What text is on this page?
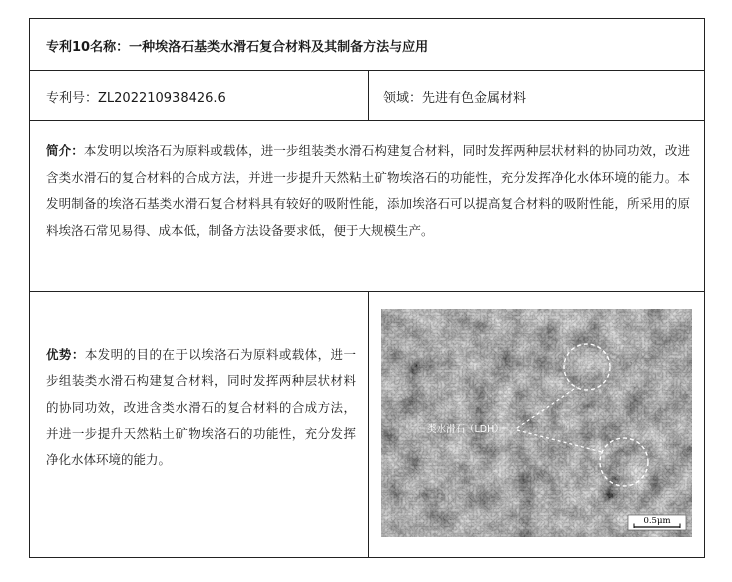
专利10名称：一种埃洛石基类水滑石复合材料及其制备方法与应用
专利号：ZL202210938426.6	领域：先进有色金属材料
简介：本发明以埃洛石为原料或载体，进一步组装类水滑石构建复合材料，同时发挥两种层状材料的协同功效，改进含类水滑石的复合材料的合成方法，并进一步提升天然粘土矿物埃洛石的功能性，充分发挥净化水体环境的能力。本发明制备的埃洛石基类水滑石复合材料具有较好的吸附性能，添加埃洛石可以提高复合材料的吸附性能，所采用的原料埃洛石常见易得、成本低，制备方法设备要求低，便于大规模生产。
优势：本发明的目的在于以埃洛石为原料或载体，进一步组装类水滑石构建复合材料，同时发挥两种层状材料的协同功效，改进含类水滑石的复合材料的合成方法，并进一步提升天然粘土矿物埃洛石的功能性，充分发挥净化水体环境的能力。
类水滑石（LDH）
0.5μm
